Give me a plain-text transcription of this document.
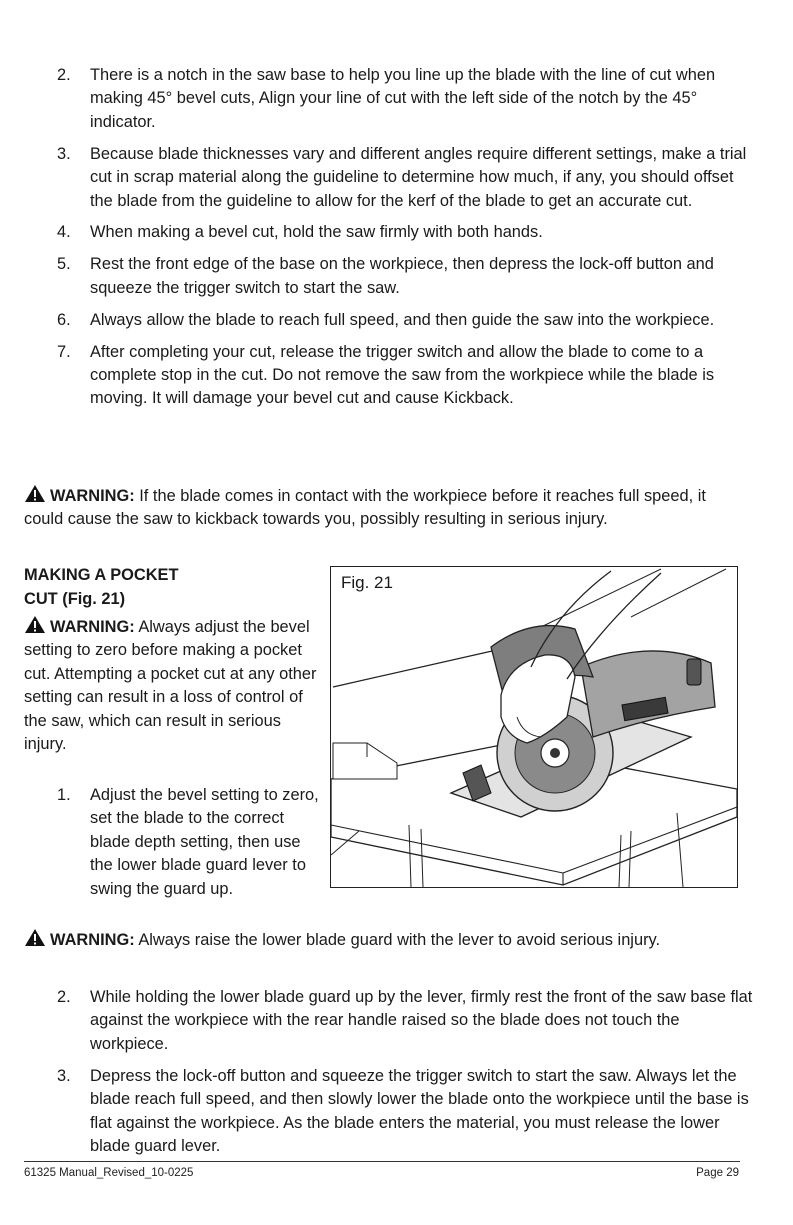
2. There is a notch in the saw base to help you line up the blade with the line of cut when making 45° bevel cuts, Align your line of cut with the left side of the notch by the 45° indicator.
3. Because blade thicknesses vary and different angles require different settings, make a trial cut in scrap material along the guideline to determine how much, if any, you should offset the blade from the guideline to allow for the kerf of the blade to get an accurate cut.
4. When making a bevel cut, hold the saw firmly with both hands.
5. Rest the front edge of the base on the workpiece, then depress the lock-off button and squeeze the trigger switch to start the saw.
6. Always allow the blade to reach full speed, and then guide the saw into the workpiece.
7. After completing your cut, release the trigger switch and allow the blade to come to a complete stop in the cut. Do not remove the saw from the workpiece while the blade is moving. It will damage your bevel cut and cause Kickback.

WARNING: If the blade comes in contact with the workpiece before it reaches full speed, it could cause the saw to kickback towards you, possibly resulting in serious injury.

MAKING A POCKET
CUT (Fig. 21)

WARNING: Always adjust the bevel setting to zero before making a pocket cut. Attempting a pocket cut at any other setting can result in a loss of control of the saw, which can result in serious injury.

1. Adjust the bevel setting to zero, set the blade to the correct blade depth setting, then use the lower blade guard lever to swing the guard up.
Fig. 21

WARNING: Always raise the lower blade guard with the lever to avoid serious injury.

2. While holding the lower blade guard up by the lever, firmly rest the front of the saw base flat against the workpiece with the rear handle raised so the blade does not touch the workpiece.
3. Depress the lock-off button and squeeze the trigger switch to start the saw. Always let the blade reach full speed, and then slowly lower the blade onto the workpiece until the base is flat against the workpiece. As the blade enters the material, you must release the lower blade guard lever.
61325 Manual_Revised_10-0225	Page 29
